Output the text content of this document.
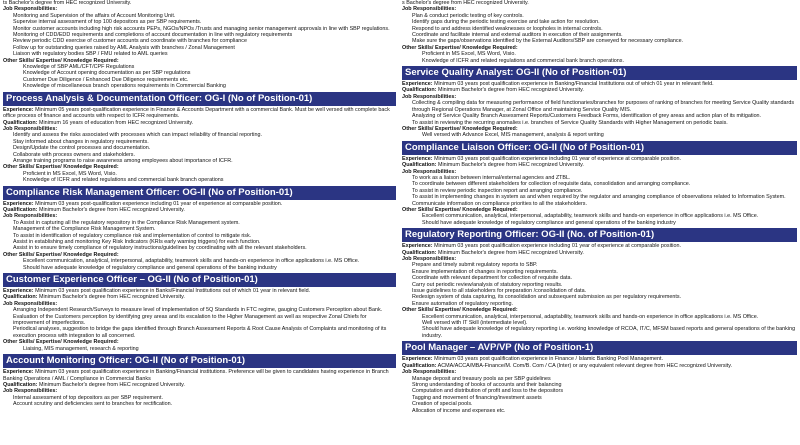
ts Bachelor's degree from HEC recognized University.

Job Responsibilities:

• Monitoring and Supervision of the affairs of Account Monitoring Unit.
• Supervise internal assessment of top 100 depositors as per SBP requirements.
• Monitor customer accounts including high risk accounts PEPs, NGOs/NPOs /Trusts and managing senior management approvals in line with SBP regulations.
• Monitoring of CDD/EDD requirements and completions of account documentation in line with regulatory requirements
• Review periodic CDD exercise of customer accounts and coordinate with branches for compliance
• Follow up for outstanding queries raised by AML Analysis with branches / Zonal Management
• Liaison with regulatory bodies SBP / FMU related to AML queries

Other Skills/ Expertise/ Knowledge Required:

• Knowledge of SBP AML/CFT/CPF Regulations
• Knowledge of Account opening documentation as per SBP regulations
• Customer Due Diligence / Enhanced Due Diligence requirements etc.
• Knowledge of miscellaneous branch operations requirements in Commercial Banking
Process Analysis & Documentation Officer: OG-I (No of Position-01)

Experience: Minimum 05 years post-qualification experience in Finance & Accounts Department with a commercial Bank. Must be well versed with complete back office process of finance and accounts with respect to ICFR requirements.

Qualification: Minimum 16 years of education from HEC recognized University.

Job Responsibilities:

• Identify and assess the risks associated with processes which can impact reliability of financial reporting.
• Stay informed about changes in regulatory requirements.
• Design/Update the control processes and documentation.
• Collaborate with process owners and stakeholders.
• Arrange training programs to raise awareness among employees about importance of ICFR.

Other Skills/ Expertise/ Knowledge Required:

• Proficient in MS Excel, MS Word, Visio.
• Knowledge of ICFR and related regulations and commercial bank branch operations
Compliance Risk Management Officer: OG-II (No of Position-01)

Experience: Minimum 03 years post-qualification experience including 01 year of experience at comparable position.

Qualification: Minimum Bachelor's degree from HEC recognized University.

Job Responsibilities:

• To Assist in capturing all the regulatory repository in the Compliance Risk Management system.
• Management of the Compliance Risk Management System.
• To assist in identification of regulatory compliance risk and implementation of control to mitigate risk.
• Assist in establishing and monitoring Key Risk Indicators (KRIs early warning triggers) for each function.
• Assist in to ensure timely compliance of regulatory instructions/guidelines by coordinating with all the relevant stakeholders.

Other Skills/ Expertise/ Knowledge Required:

• Excellent communication, analytical, interpersonal, adaptability, teamwork skills and hands-on experience in office applications i.e. MS Office.
• Should have adequate knowledge of regulatory compliance and general operations of the banking industry
Customer Experience Officer – OG-II (No of Position-01)

Experience: Minimum 03 years post qualification experience in Banks/Financial Institutions out of which 01 year in relevant field.

Qualification: Minimum Bachelor's degree from HEC recognized University.

Job Responsibilities:

• Arranging Independent Research/Surveys to measure level of implementation of 5Q Standards in FTC regime, gauging Customers Perception about Bank.
• Evaluation of the Customers perception by identifying grey areas and its escalation to the Higher Management as well as respective Zonal Chiefs for improvement of imperfections.
• Periodical analyses, suggestion to bridge the gaps identified through Branch Assessment Reports & Root Cause Analysis of Complaints and monitoring of its execution process with integration to all concerned.

Other Skills/ Expertise/ Knowledge Required:

• Liaising, MIS management, research & reporting
Account Monitoring Officer: OG-II (No of Position-01)

Experience: Minimum 03 years post qualification experience in Banking/Financial institutions. Preference will be given to candidates having experience in Branch Banking Operations / AML / Compliance in Commercial Banks

Qualification: Minimum Bachelor's degree from HEC recognized University.

Job Responsibilities:

• Internal assessment of top depositors as per SBP requirement.
• Account scrutiny and deficiencies sent to branches for rectification.

s Bachelor's degree from HEC recognized University.

Job Responsibilities:

• Plan & conduct periodic testing of key controls.
• Identify gaps during the periodic testing exercise and take action for resolution.
• Respond to and address identified weaknesses or loopholes in internal controls.
• Coordinate and facilitate internal and external auditors in execution of their assignments.
• Make sure the gaps/observations identified by the External Auditors/SBP are conveyed for necessary compliance.

Other Skills/ Expertise/ Knowledge Required:

• Proficient in MS Excel, MS Word, Visio.
• Knowledge of ICFR and related regulations and commercial bank branch operations.
Service Quality Analyst: OG-II (No of Position-01)

Experience: Minimum 03 years post qualification experience in Banking/Financial Institutions out of which 01 year in relevant field.

Qualification: Minimum Bachelor's degree from HEC recognized University.

Job Responsibilities:

• Collecting & compiling data for measuring performance of field functionaries/branches for purposes of ranking of branches for meeting Service Quality standards through Regional Operations Manager, at Zonal Office and maintaining Service Quality MIS.
• Analyzing of Service Quality Branch Assessment Reports/Customers Feedback Forms, identification of grey areas and action plan of its mitigation.
• To assist in reviewing the recurring anomalies i.e. branches of Service Quality Standards with Higher Management on periodic basis.

Other Skills/ Expertise/ Knowledge Required:

• Well versed with Advance Excel, MIS management, analysis & report writing
Compliance Liaison Officer: OG-II (No of Position-01)

Experience: Minimum 03 years post qualification experience including 01 year of experience at comparable position.

Qualification: Minimum Bachelor's degree from HEC recognized University.

Job Responsibilities:

• To work as a liaison between internal/external agencies and ZTBL.
• To coordinate between different stakeholders for collection of requisite data, consolidation and arranging compliance.
• To assist in review periodic inspection report and arranging compliance.
• To assist in implementing changes in system as and when required by the regulator and arranging compliance of observations related to Information System.
• Communicate information on compliance priorities to all the stakeholders.

Other Skills/ Expertise/ Knowledge Required:

• Excellent communication, analytical, interpersonal, adaptability, teamwork skills and hands-on experience in office applications i.e. MS Office.
• Should have adequate knowledge of regulatory compliance and general operations of the banking industry
Regulatory Reporting Officer: OG-II (No. of Position-01)

Experience: Minimum 03 years post qualification experience including 01 year of experience at comparable position.

Qualification: Minimum Bachelor's degree from HEC recognized University.

Job Responsibilities:

• Prepare and timely submit regulatory reports to SBP.
• Ensure implementation of changes in reporting requirements.
• Coordinate with relevant department for collection of requisite data.
• Carry out periodic review/analysis of statutory reporting results.
• Issue guidelines to all stakeholders for preparation /consolidation of data.
• Redesign system of data capturing, its consolidation and subsequent submission as per regulatory requirements.
• Ensure automation of regulatory reporting.

Other Skills/ Expertise/ Knowledge Required:

• Excellent communication, analytical, interpersonal, adaptability, teamwork skills and hands-on experience in office applications i.e. MS Office.
• Well versed with IT Skill (intermediate level).
• Should have adequate knowledge of regulatory reporting i.e. working knowledge of RCOA, IT/C, MFSM based reports and general operations of the banking industry.
Pool Manager – AVP/VP (No of Position-1)

Experience: Minimum 03 years post qualification experience in Finance / Islamic Banking Pool Management.

Qualification: ACMA/ACCA/MBA-Finance/M. Com/B. Com / CA (Inter) or any equivalent relevant degree from HEC recognized University.

Job Responsibilities:

• Manage deposit and treasury pools as per SBP guidelines
• Strong understanding of books of accounts and their balancing
• Computation and distribution of profit and loss to the depositors
• Tagging and movement of financing/investment assets
• Creation of special pools.
• Allocation of income and expenses etc.
